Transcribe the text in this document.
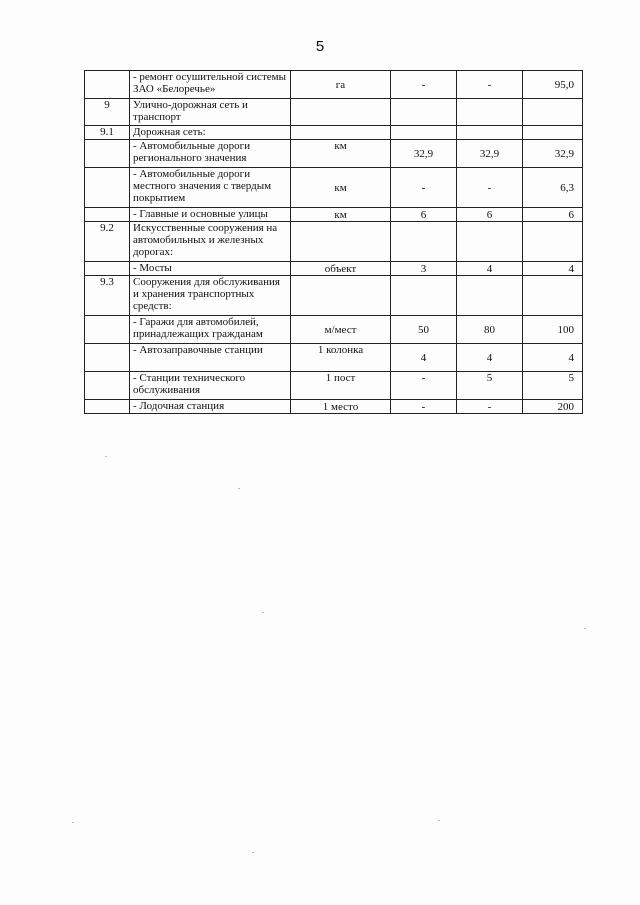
5
	- ремонт осушительной системы ЗАО «Белоречье»	га	-	-	95,0
9	Улично-дорожная сеть и транспорт				
9.1	Дорожная сеть:				
	- Автомобильные дороги регионального значения	км	32,9	32,9	32,9
	- Автомобильные дороги местного значения с твердым покрытием	км	-	-	6,3
	- Главные и основные улицы	км	6	6	6
9.2	Искусственные сооружения на автомобильных и железных дорогах:				
	- Мосты	объект	3	4	4
9.3	Сооружения для обслуживания и хранения транспортных средств:				
	- Гаражи для автомобилей, принадлежащих гражданам	м/мест	50	80	100
	- Автозаправочные станции	1 колонка	4	4	4
	- Станции технического обслуживания	1 пост	-	5	5
	- Лодочная станция	1 место	-	-	200
